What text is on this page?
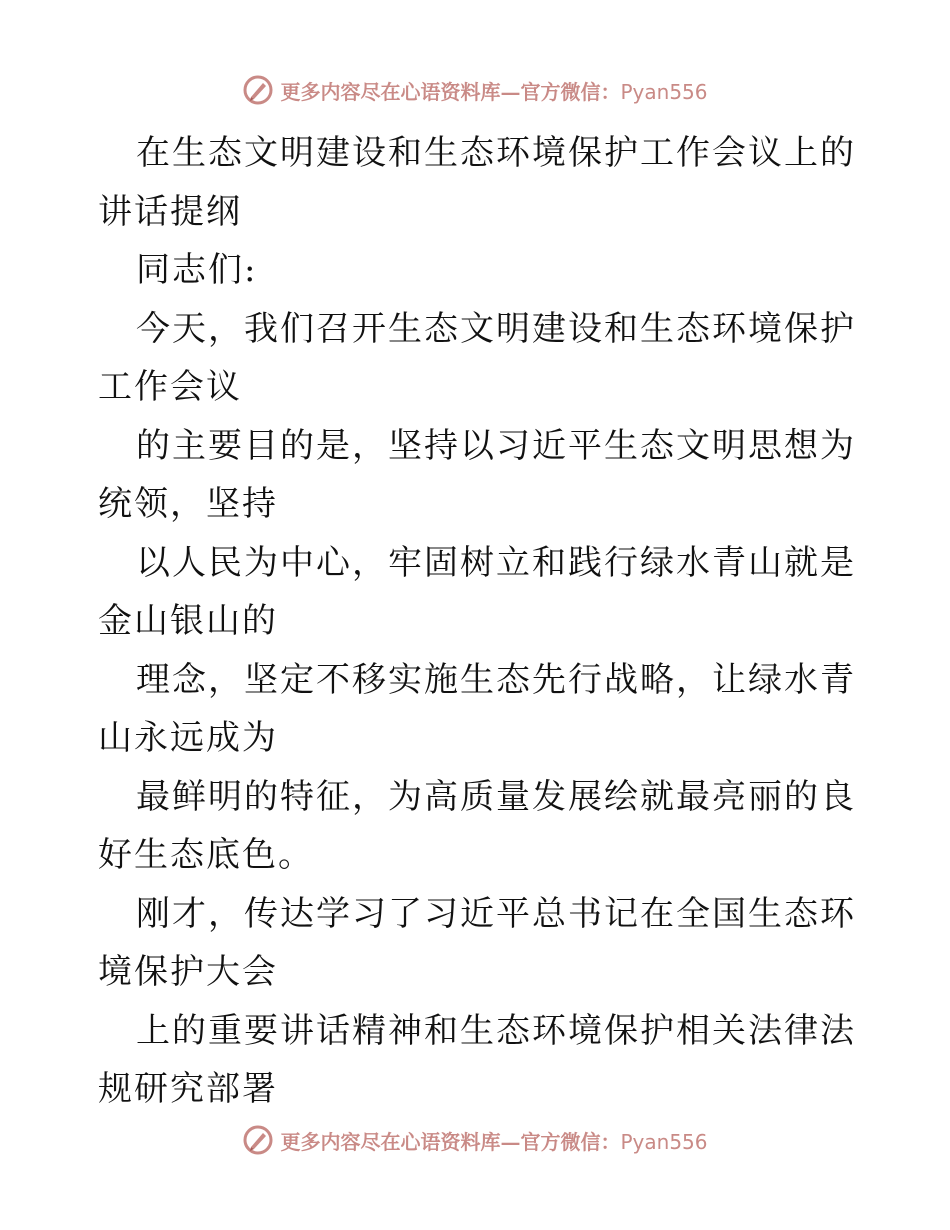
更多内容尽在心语资料库—官方微信：Pyan556

在生态文明建设和生态环境保护工作会议上的讲话提纲

同志们:

今天，我们召开生态文明建设和生态环境保护工作会议

的主要目的是，坚持以习近平生态文明思想为统领，坚持

以人民为中心，牢固树立和践行绿水青山就是金山银山的

理念，坚定不移实施生态先行战略，让绿水青山永远成为

最鲜明的特征，为高质量发展绘就最亮丽的良好生态底色。

刚才，传达学习了习近平总书记在全国生态环境保护大会

上的重要讲话精神和生态环境保护相关法律法规研究部署

更多内容尽在心语资料库—官方微信：Pyan556
